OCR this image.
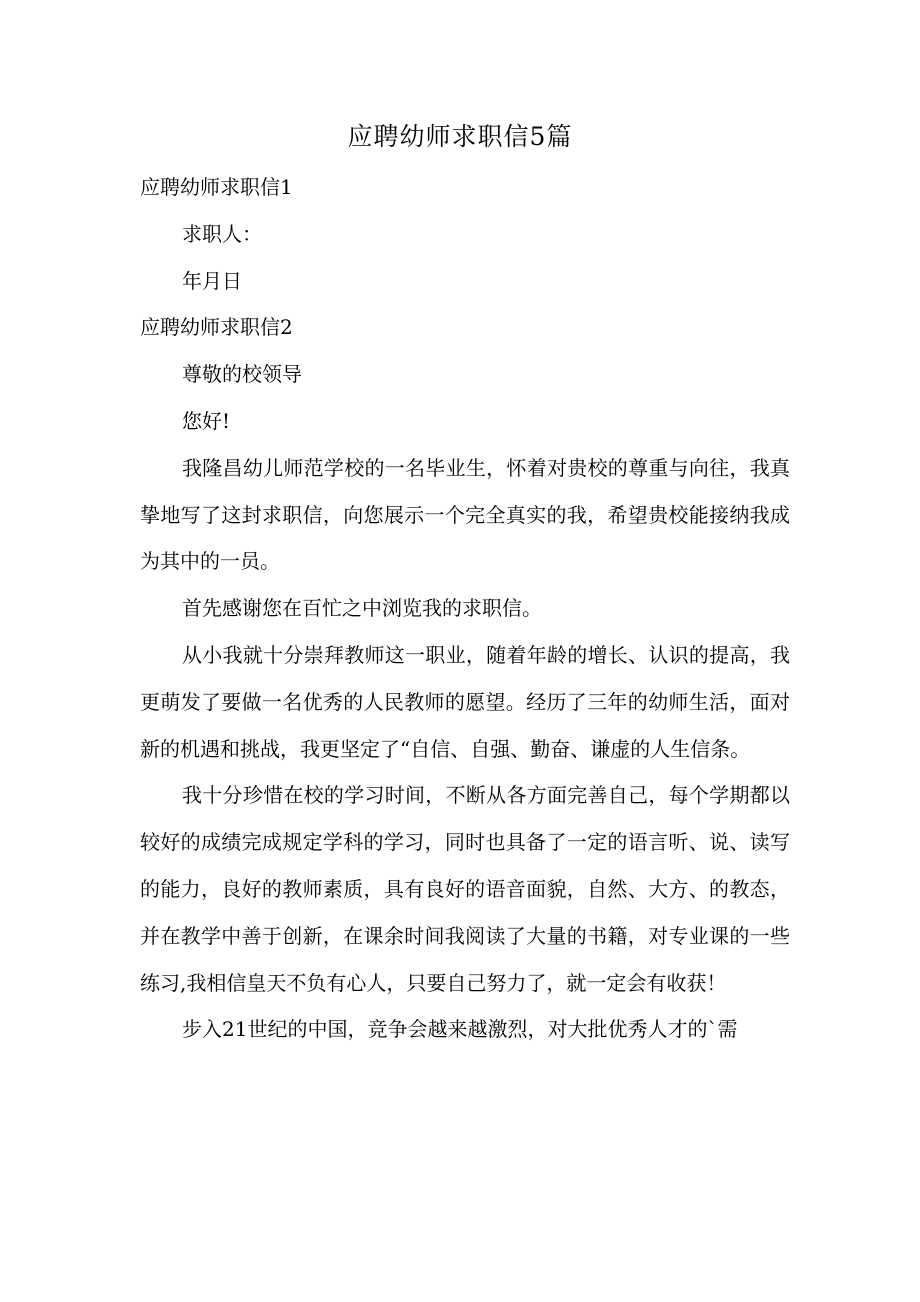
应聘幼师求职信5篇

应聘幼师求职信1

求职人：

年月日

应聘幼师求职信2

尊敬的校领导

您好!

我隆昌幼儿师范学校的一名毕业生，怀着对贵校的尊重与向往，我真挚地写了这封求职信，向您展示一个完全真实的我，希望贵校能接纳我成为其中的一员。

首先感谢您在百忙之中浏览我的求职信。

从小我就十分崇拜教师这一职业，随着年龄的增长、认识的提高，我更萌发了要做一名优秀的人民教师的愿望。经历了三年的幼师生活，面对新的机遇和挑战，我更坚定了“自信、自强、勤奋、谦虚的人生信条。

我十分珍惜在校的学习时间，不断从各方面完善自己，每个学期都以较好的成绩完成规定学科的学习，同时也具备了一定的语言听、说、读写的能力，良好的教师素质，具有良好的语音面貌，自然、大方、的教态，并在教学中善于创新，在课余时间我阅读了大量的书籍，对专业课的一些练习,我相信皇天不负有心人，只要自己努力了，就一定会有收获！

步入21世纪的中国，竞争会越来越激烈，对大批优秀人才的`需
